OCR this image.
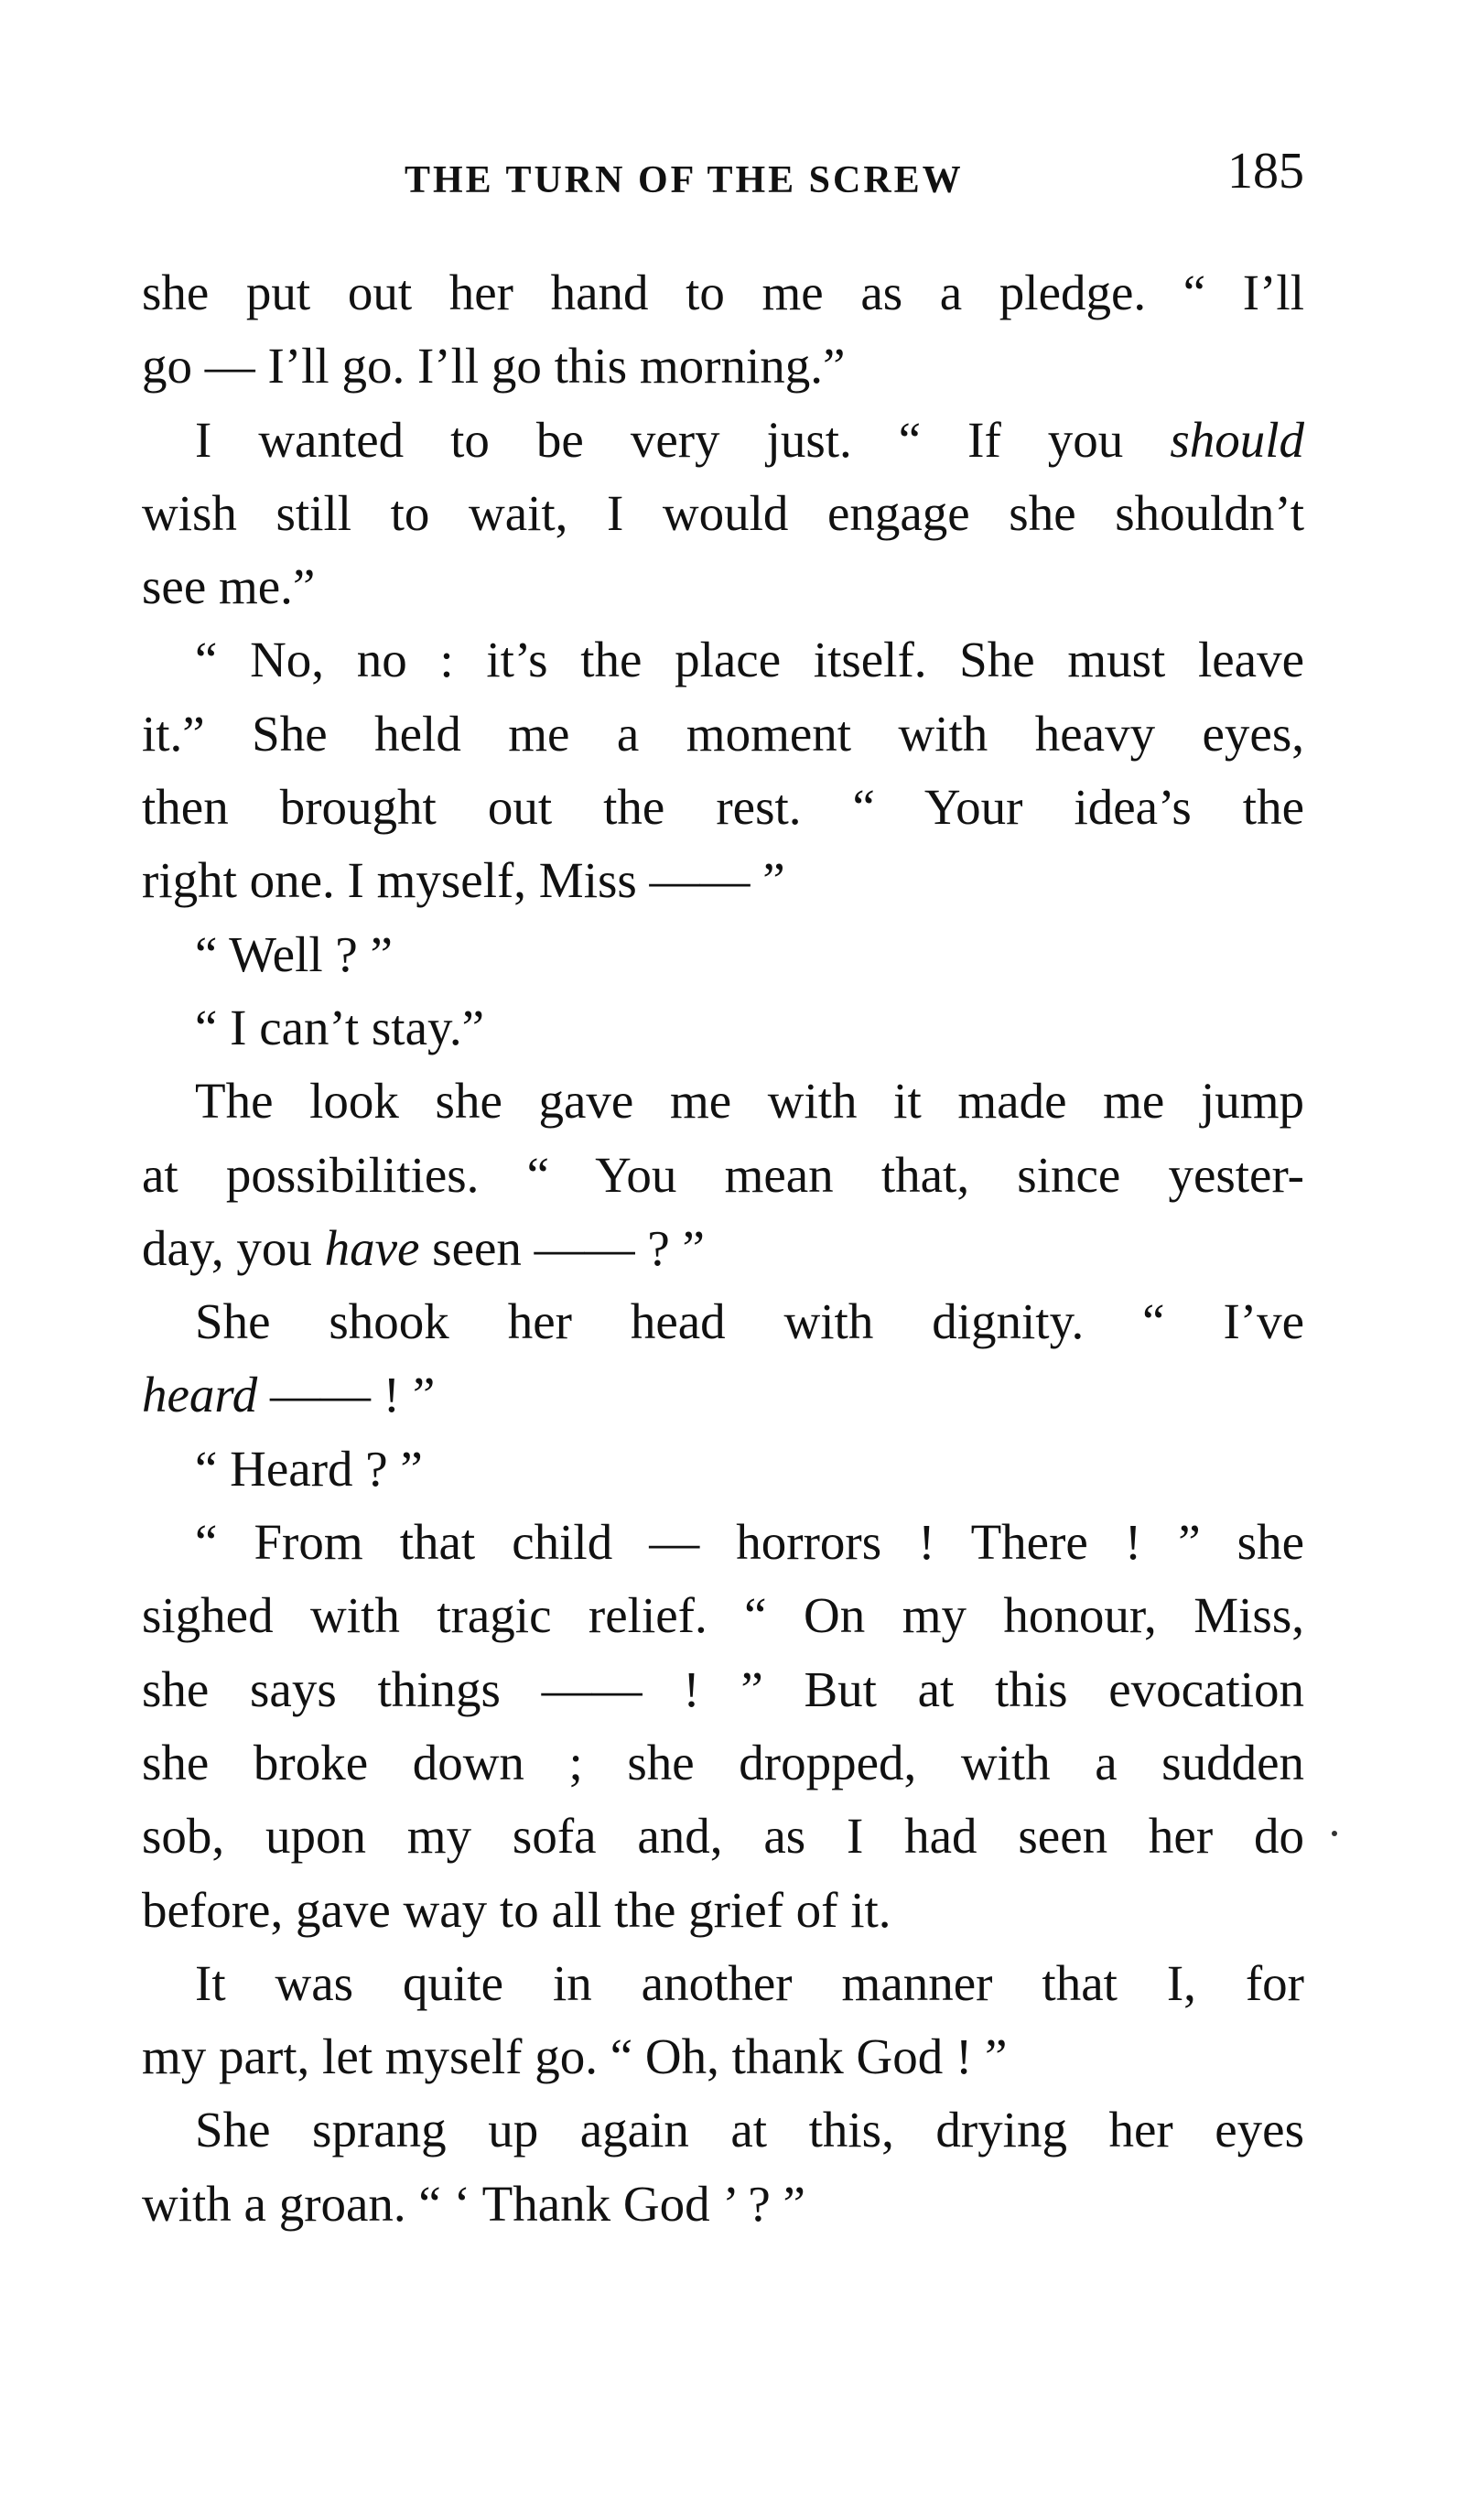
THE TURN OF THE SCREW	185
she put out her hand to me as a pledge. “ I’ll
go — I’ll go. I’ll go this morning.”
I wanted to be very just. “ If you should
wish still to wait, I would engage she shouldn’t
see me.”
“ No, no : it’s the place itself. She must leave
it.” She held me a moment with heavy eyes,
then brought out the rest. “ Your idea’s the
right one. I myself, Miss —— ”
“ Well ? ”
“ I can’t stay.”
The look she gave me with it made me jump
at possibilities. “ You mean that, since yester-
day, you have seen —— ? ”
She shook her head with dignity. “ I’ve
heard —— ! ”
“ Heard ? ”
“ From that child — horrors ! There ! ” she
sighed with tragic relief. “ On my honour, Miss,
she says things —— ! ” But at this evocation
she broke down ; she dropped, with a sudden
sob, upon my sofa and, as I had seen her do
before, gave way to all the grief of it.
It was quite in another manner that I, for
my part, let myself go. “ Oh, thank God ! ”
She sprang up again at this, drying her eyes
with a groan. “ ‘ Thank God ’ ? ”
